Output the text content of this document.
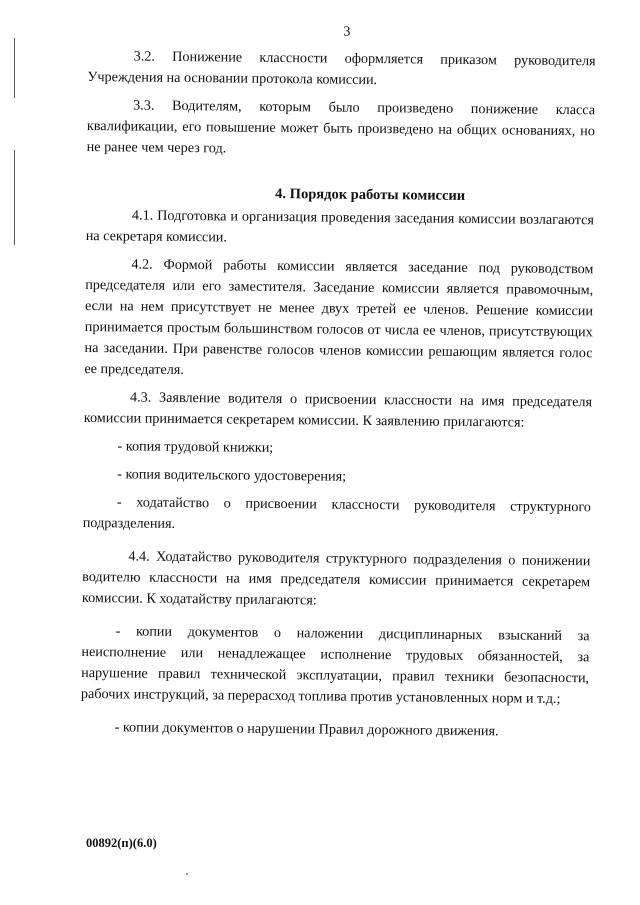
3

3.2. Понижение классности оформляется приказом руководителя Учреждения на основании протокола комиссии.

3.3. Водителям, которым было произведено понижение класса квалификации, его повышение может быть произведено на общих основаниях, но не ранее чем через год.

4. Порядок работы комиссии

4.1. Подготовка и организация проведения заседания комиссии возлагаются на секретаря комиссии.

4.2. Формой работы комиссии является заседание под руководством председателя или его заместителя. Заседание комиссии является правомочным, если на нем присутствует не менее двух третей ее членов. Решение комиссии принимается простым большинством голосов от числа ее членов, присутствующих на заседании. При равенстве голосов членов комиссии решающим является голос ее председателя.

4.3. Заявление водителя о присвоении классности на имя председателя комиссии принимается секретарем комиссии. К заявлению прилагаются:

- копия трудовой книжки;

- копия водительского удостоверения;

- ходатайство о присвоении классности руководителя структурного подразделения.

4.4. Ходатайство руководителя структурного подразделения о понижении водителю классности на имя председателя комиссии принимается секретарем комиссии. К ходатайству прилагаются:

- копии документов о наложении дисциплинарных взысканий за неисполнение или ненадлежащее исполнение трудовых обязанностей, за нарушение правил технической эксплуатации, правил техники безопасности, рабочих инструкций, за перерасход топлива против установленных норм и т.д.;

- копии документов о нарушении Правил дорожного движения.

00892(п)(6.0)
